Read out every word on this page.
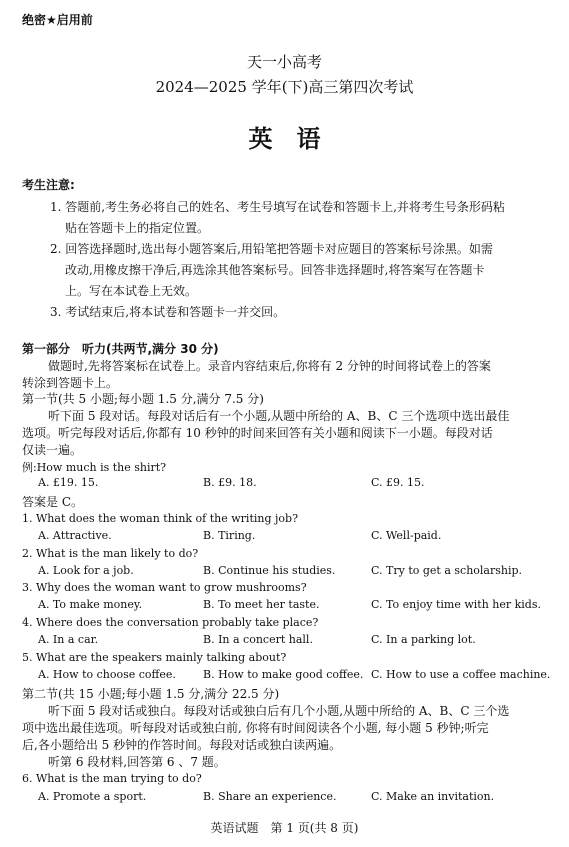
绝密★启用前
天一小高考
2024—2025 学年(下)高三第四次考试
英　语
考生注意:
1. 答题前,考生务必将自己的姓名、考生号填写在试卷和答题卡上,并将考生号条形码粘
贴在答题卡上的指定位置。
2. 回答选择题时,选出每小题答案后,用铅笔把答题卡对应题目的答案标号涂黑。如需
改动,用橡皮擦干净后,再选涂其他答案标号。回答非选择题时,将答案写在答题卡
上。写在本试卷上无效。
3. 考试结束后,将本试卷和答题卡一并交回。
第一部分　听力(共两节,满分 30 分)
做题时,先将答案标在试卷上。录音内容结束后,你将有 2 分钟的时间将试卷上的答案
转涂到答题卡上。
第一节(共 5 小题;每小题 1.5 分,满分 7.5 分)
听下面 5 段对话。每段对话后有一个小题,从题中所给的 A、B、C 三个选项中选出最佳
选项。听完每段对话后,你都有 10 秒钟的时间来回答有关小题和阅读下一小题。每段对话
仅读一遍。
例:How much is the shirt?
A. £19. 15.	B. £9. 18.	C. £9. 15.
答案是 C。
1. What does the woman think of the writing job?
A. Attractive.	B. Tiring.	C. Well-paid.
2. What is the man likely to do?
A. Look for a job.	B. Continue his studies.	C. Try to get a scholarship.
3. Why does the woman want to grow mushrooms?
A. To make money.	B. To meet her taste.	C. To enjoy time with her kids.
4. Where does the conversation probably take place?
A. In a car.	B. In a concert hall.	C. In a parking lot.
5. What are the speakers mainly talking about?
A. How to choose coffee. B. How to make good coffee. C. How to use a coffee machine.
第二节(共 15 小题;每小题 1.5 分,满分 22.5 分)
听下面 5 段对话或独白。每段对话或独白后有几个小题,从题中所给的 A、B、C 三个选
项中选出最佳选项。听每段对话或独白前, 你将有时间阅读各个小题, 每小题 5 秒钟;听完
后,各小题给出 5 秒钟的作答时间。每段对话或独白读两遍。
听第 6 段材料,回答第 6 、7 题。
6. What is the man trying to do?
A. Promote a sport.	B. Share an experience.	C. Make an invitation.
英语试题　第 1 页(共 8 页)
